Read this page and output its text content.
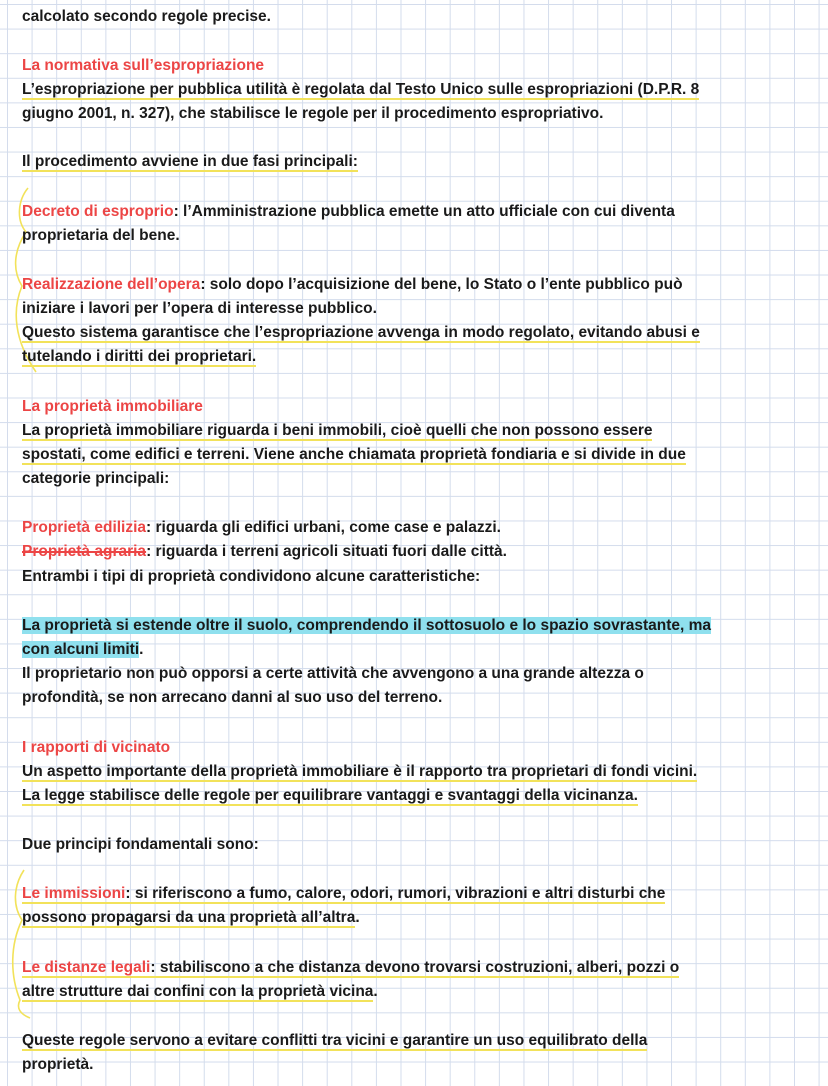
calcolato secondo regole precise.
La normativa sull’espropriazione
L’espropriazione per pubblica utilità è regolata dal Testo Unico sulle espropriazioni (D.P.R. 8
giugno 2001, n. 327), che stabilisce le regole per il procedimento espropriativo.
Il procedimento avviene in due fasi principali:
Decreto di esproprio: l’Amministrazione pubblica emette un atto ufficiale con cui diventa
proprietaria del bene.
Realizzazione dell’opera: solo dopo l’acquisizione del bene, lo Stato o l’ente pubblico può
iniziare i lavori per l’opera di interesse pubblico.
Questo sistema garantisce che l’espropriazione avvenga in modo regolato, evitando abusi e
tutelando i diritti dei proprietari.
La proprietà immobiliare
La proprietà immobiliare riguarda i beni immobili, cioè quelli che non possono essere
spostati, come edifici e terreni. Viene anche chiamata proprietà fondiaria e si divide in due
categorie principali:
Proprietà edilizia: riguarda gli edifici urbani, come case e palazzi.
Proprietà agraria: riguarda i terreni agricoli situati fuori dalle città.
Entrambi i tipi di proprietà condividono alcune caratteristiche:
La proprietà si estende oltre il suolo, comprendendo il sottosuolo e lo spazio sovrastante, ma
con alcuni limiti.
Il proprietario non può opporsi a certe attività che avvengono a una grande altezza o
profondità, se non arrecano danni al suo uso del terreno.
I rapporti di vicinato
Un aspetto importante della proprietà immobiliare è il rapporto tra proprietari di fondi vicini.
La legge stabilisce delle regole per equilibrare vantaggi e svantaggi della vicinanza.
Due principi fondamentali sono:
Le immissioni: si riferiscono a fumo, calore, odori, rumori, vibrazioni e altri disturbi che
possono propagarsi da una proprietà all’altra.
Le distanze legali: stabiliscono a che distanza devono trovarsi costruzioni, alberi, pozzi o
altre strutture dai confini con la proprietà vicina.
Queste regole servono a evitare conflitti tra vicini e garantire un uso equilibrato della
proprietà.
